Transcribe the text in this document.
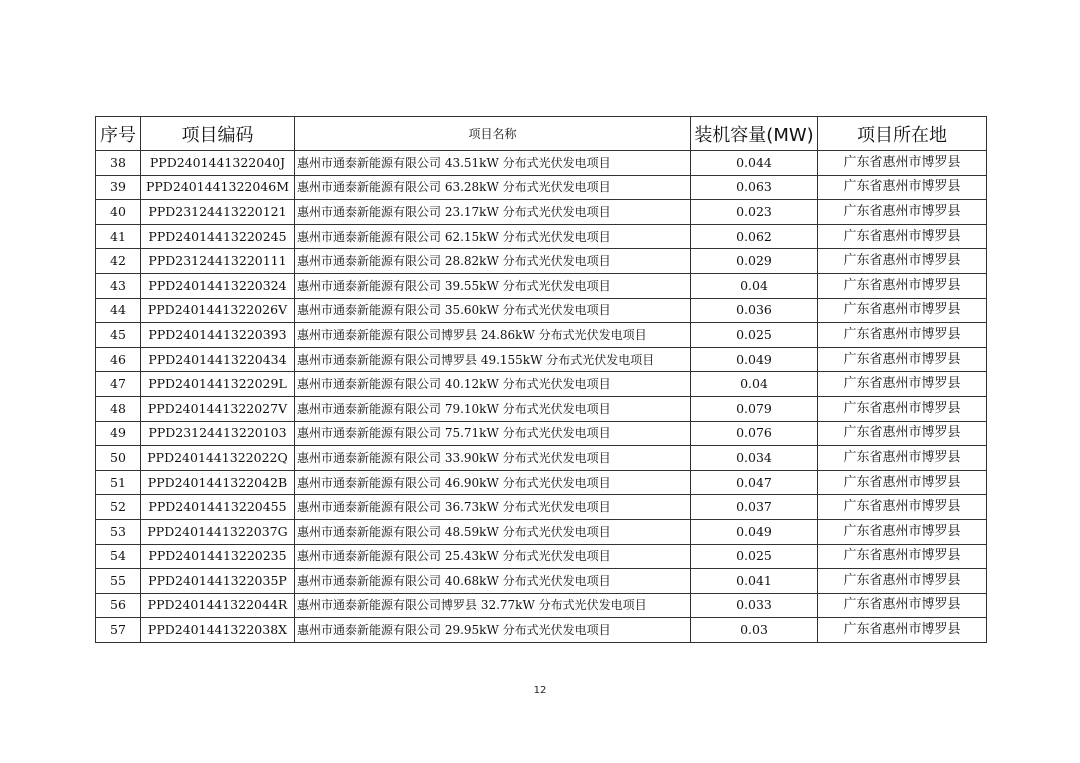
序号	项目编码	项目名称	装机容量(MW)	项目所在地
38	PPD2401441322040J	惠州市通泰新能源有限公司 43.51kW 分布式光伏发电项目	0.044	广东省惠州市博罗县
39	PPD2401441322046M	惠州市通泰新能源有限公司 63.28kW 分布式光伏发电项目	0.063	广东省惠州市博罗县
40	PPD23124413220121	惠州市通泰新能源有限公司 23.17kW 分布式光伏发电项目	0.023	广东省惠州市博罗县
41	PPD24014413220245	惠州市通泰新能源有限公司 62.15kW 分布式光伏发电项目	0.062	广东省惠州市博罗县
42	PPD23124413220111	惠州市通泰新能源有限公司 28.82kW 分布式光伏发电项目	0.029	广东省惠州市博罗县
43	PPD24014413220324	惠州市通泰新能源有限公司 39.55kW 分布式光伏发电项目	0.04	广东省惠州市博罗县
44	PPD2401441322026V	惠州市通泰新能源有限公司 35.60kW 分布式光伏发电项目	0.036	广东省惠州市博罗县
45	PPD24014413220393	惠州市通泰新能源有限公司博罗县 24.86kW 分布式光伏发电项目	0.025	广东省惠州市博罗县
46	PPD24014413220434	惠州市通泰新能源有限公司博罗县 49.155kW 分布式光伏发电项目	0.049	广东省惠州市博罗县
47	PPD2401441322029L	惠州市通泰新能源有限公司 40.12kW 分布式光伏发电项目	0.04	广东省惠州市博罗县
48	PPD2401441322027V	惠州市通泰新能源有限公司 79.10kW 分布式光伏发电项目	0.079	广东省惠州市博罗县
49	PPD23124413220103	惠州市通泰新能源有限公司 75.71kW 分布式光伏发电项目	0.076	广东省惠州市博罗县
50	PPD2401441322022Q	惠州市通泰新能源有限公司 33.90kW 分布式光伏发电项目	0.034	广东省惠州市博罗县
51	PPD2401441322042B	惠州市通泰新能源有限公司 46.90kW 分布式光伏发电项目	0.047	广东省惠州市博罗县
52	PPD24014413220455	惠州市通泰新能源有限公司 36.73kW 分布式光伏发电项目	0.037	广东省惠州市博罗县
53	PPD2401441322037G	惠州市通泰新能源有限公司 48.59kW 分布式光伏发电项目	0.049	广东省惠州市博罗县
54	PPD24014413220235	惠州市通泰新能源有限公司 25.43kW 分布式光伏发电项目	0.025	广东省惠州市博罗县
55	PPD2401441322035P	惠州市通泰新能源有限公司 40.68kW 分布式光伏发电项目	0.041	广东省惠州市博罗县
56	PPD2401441322044R	惠州市通泰新能源有限公司博罗县 32.77kW 分布式光伏发电项目	0.033	广东省惠州市博罗县
57	PPD2401441322038X	惠州市通泰新能源有限公司 29.95kW 分布式光伏发电项目	0.03	广东省惠州市博罗县
12
